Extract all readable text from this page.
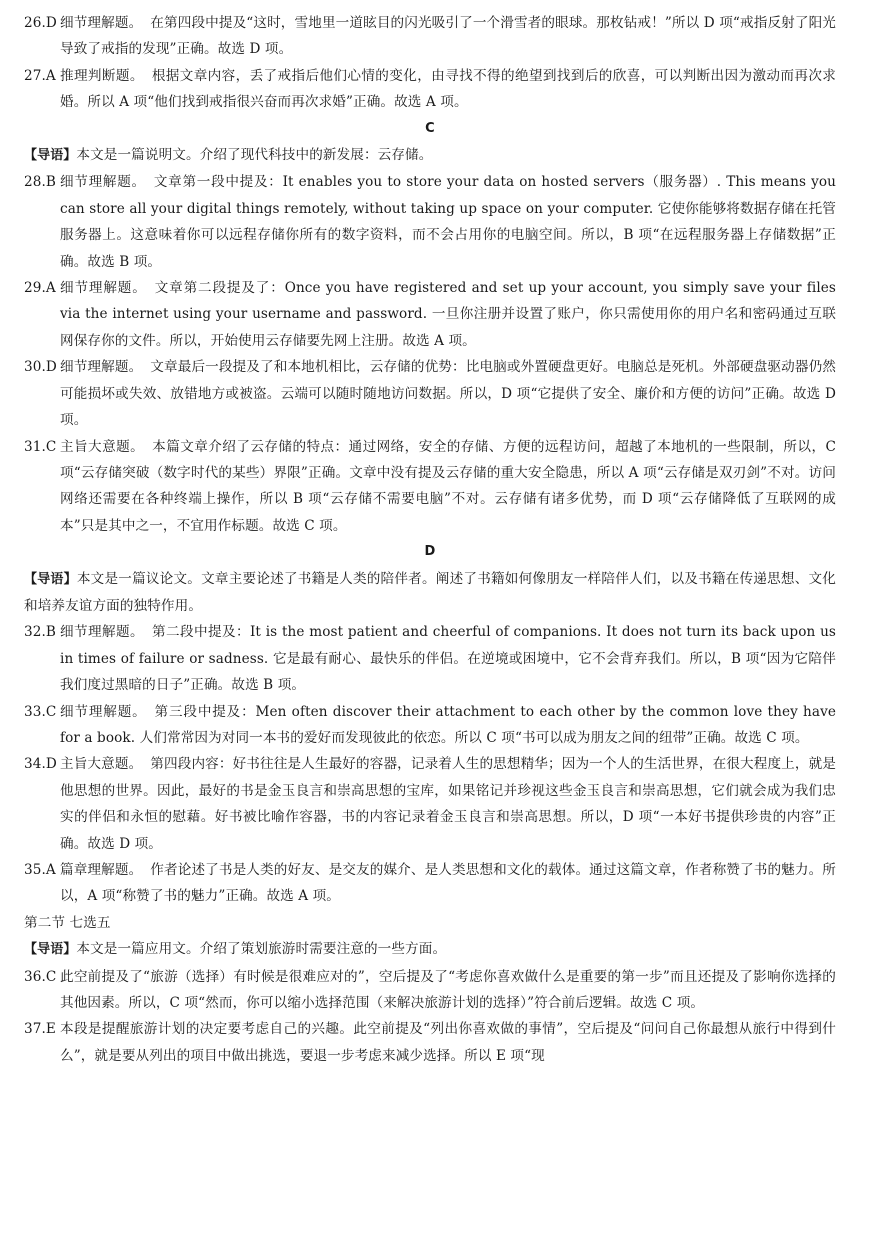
26.D 细节理解题。 在第四段中提及“这时，雪地里一道眩目的闪光吸引了一个滑雪者的眼球。那枚钻戒！”所以 D 项“戒指反射了阳光导致了戒指的发现”正确。故选 D 项。
27.A 推理判断题。 根据文章内容，丢了戒指后他们心情的变化，由寻找不得的绝望到找到后的欣喜，可以判断出因为激动而再次求婚。所以 A 项“他们找到戒指很兴奋而再次求婚”正确。故选 A 项。
C
【导语】本文是一篇说明文。介绍了现代科技中的新发展：云存储。
28.B 细节理解题。 文章第一段中提及：It enables you to store your data on hosted servers（服务器）. This means you can store all your digital things remotely, without taking up space on your computer. 它使你能够将数据存储在托管服务器上。这意味着你可以远程存储你所有的数字资料，而不会占用你的电脑空间。所以，B 项“在远程服务器上存储数据”正确。故选 B 项。
29.A 细节理解题。 文章第二段提及了：Once you have registered and set up your account, you simply save your files via the internet using your username and password. 一旦你注册并设置了账户，你只需使用你的用户名和密码通过互联网保存你的文件。所以，开始使用云存储要先网上注册。故选 A 项。
30.D 细节理解题。 文章最后一段提及了和本地机相比，云存储的优势：比电脑或外置硬盘更好。电脑总是死机。外部硬盘驱动器仍然可能损坏或失效、放错地方或被盗。云端可以随时随地访问数据。所以，D 项“它提供了安全、廉价和方便的访问”正确。故选 D 项。
31.C 主旨大意题。 本篇文章介绍了云存储的特点：通过网络，安全的存储、方便的远程访问，超越了本地机的一些限制，所以，C 项“云存储突破（数字时代的某些）界限”正确。文章中没有提及云存储的重大安全隐患，所以 A 项“云存储是双刃剑”不对。访问网络还需要在各种终端上操作，所以 B 项“云存储不需要电脑”不对。云存储有诸多优势，而 D 项“云存储降低了互联网的成本”只是其中之一，不宜用作标题。故选 C 项。
D
【导语】本文是一篇议论文。文章主要论述了书籍是人类的陪伴者。阐述了书籍如何像朋友一样陪伴人们，以及书籍在传递思想、文化和培养友谊方面的独特作用。
32.B 细节理解题。 第二段中提及：It is the most patient and cheerful of companions. It does not turn its back upon us in times of failure or sadness. 它是最有耐心、最快乐的伴侣。在逆境或困境中，它不会背弃我们。所以，B 项“因为它陪伴我们度过黑暗的日子”正确。故选 B 项。
33.C 细节理解题。 第三段中提及：Men often discover their attachment to each other by the common love they have for a book. 人们常常因为对同一本书的爱好而发现彼此的依恋。所以 C 项“书可以成为朋友之间的纽带”正确。故选 C 项。
34.D 主旨大意题。 第四段内容：好书往往是人生最好的容器，记录着人生的思想精华；因为一个人的生活世界，在很大程度上，就是他思想的世界。因此，最好的书是金玉良言和崇高思想的宝库，如果铭记并珍视这些金玉良言和崇高思想，它们就会成为我们忠实的伴侣和永恒的慰藉。好书被比喻作容器，书的内容记录着金玉良言和崇高思想。所以，D 项“一本好书提供珍贵的内容”正确。故选 D 项。
35.A 篇章理解题。 作者论述了书是人类的好友、是交友的媒介、是人类思想和文化的载体。通过这篇文章，作者称赞了书的魅力。所以，A 项“称赞了书的魅力”正确。故选 A 项。
第二节 七选五
【导语】本文是一篇应用文。介绍了策划旅游时需要注意的一些方面。
36.C 此空前提及了“旅游（选择）有时候是很难应对的”，空后提及了“考虑你喜欢做什么是重要的第一步”而且还提及了影响你选择的其他因素。所以，C 项“然而，你可以缩小选择范围（来解决旅游计划的选择）”符合前后逻辑。故选 C 项。
37.E 本段是提醒旅游计划的决定要考虑自己的兴趣。此空前提及“列出你喜欢做的事情”，空后提及“问问自己你最想从旅行中得到什么”，就是要从列出的项目中做出挑选，要退一步考虑来减少选择。所以 E 项“现
